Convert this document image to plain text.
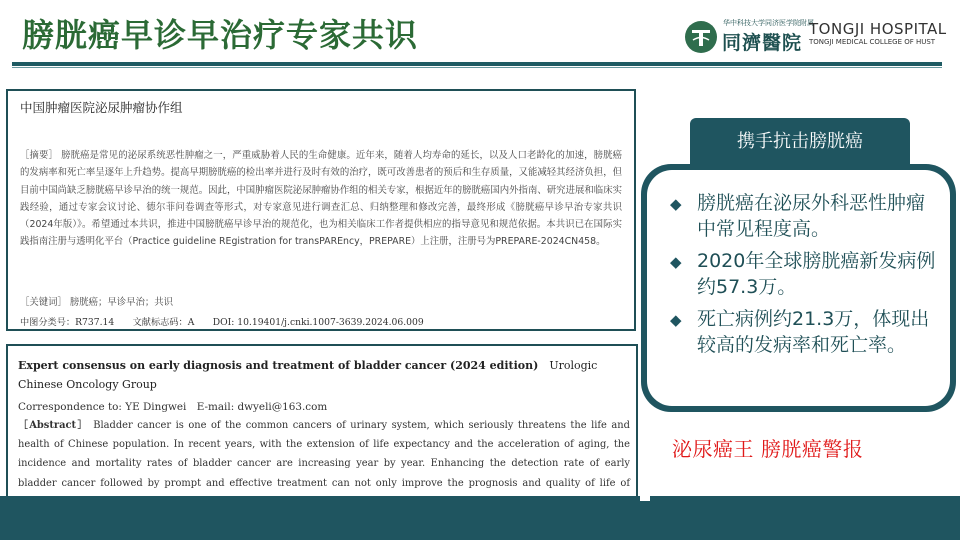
膀胱癌早诊早治疗专家共识	华中科技大学同济医学院附属
同濟醫院
TONGJI HOSPITAL
TONGJI MEDICAL COLLEGE OF HUST
中国肿瘤医院泌尿肿瘤协作组
［摘要］ 膀胱癌是常见的泌尿系统恶性肿瘤之一，严重威胁着人民的生命健康。近年来，随着人均寿命的延长，以及人口老龄化的加速，膀胱癌的发病率和死亡率呈逐年上升趋势。提高早期膀胱癌的检出率并进行及时有效的治疗，既可改善患者的预后和生存质量，又能减轻其经济负担，但目前中国尚缺乏膀胱癌早诊早治的统一规范。因此，中国肿瘤医院泌尿肿瘤协作组的相关专家，根据近年的膀胱癌国内外指南、研究进展和临床实践经验，通过专家会议讨论、德尔菲问卷调查等形式，对专家意见进行调查汇总、归纳整理和修改完善，最终形成《膀胱癌早诊早治专家共识（2024年版）》。希望通过本共识，推进中国膀胱癌早诊早治的规范化，也为相关临床工作者提供相应的指导意见和规范依据。本共识已在国际实践指南注册与透明化平台（Practice guideline REgistration for transPAREncy，PREPARE）上注册，注册号为PREPARE-2024CN458。
［关键词］ 膀胱癌；早诊早治；共识
中图分类号：R737.14　　文献标志码：A　　DOI: 10.19401/j.cnki.1007-3639.2024.06.009
Expert consensus on early diagnosis and treatment of bladder cancer (2024 edition)　Urologic Chinese Oncology Group
Correspondence to: YE Dingwei　E-mail: dwyeli@163.com
［Abstract］ Bladder cancer is one of the common cancers of urinary system, which seriously threatens the life and health of Chinese population. In recent years, with the extension of life expectancy and the acceleration of aging, the incidence and mortality rates of bladder cancer are increasing year by year. Enhancing the detection rate of early bladder cancer followed by prompt and effective treatment can not only improve the prognosis and quality of life of
携手抗击膀胱癌
◆ 膀胱癌在泌尿外科恶性肿瘤中常见程度高。
◆ 2020年全球膀胱癌新发病例约57.3万。
◆ 死亡病例约21.3万，体现出较高的发病率和死亡率。
泌尿癌王 膀胱癌警报
